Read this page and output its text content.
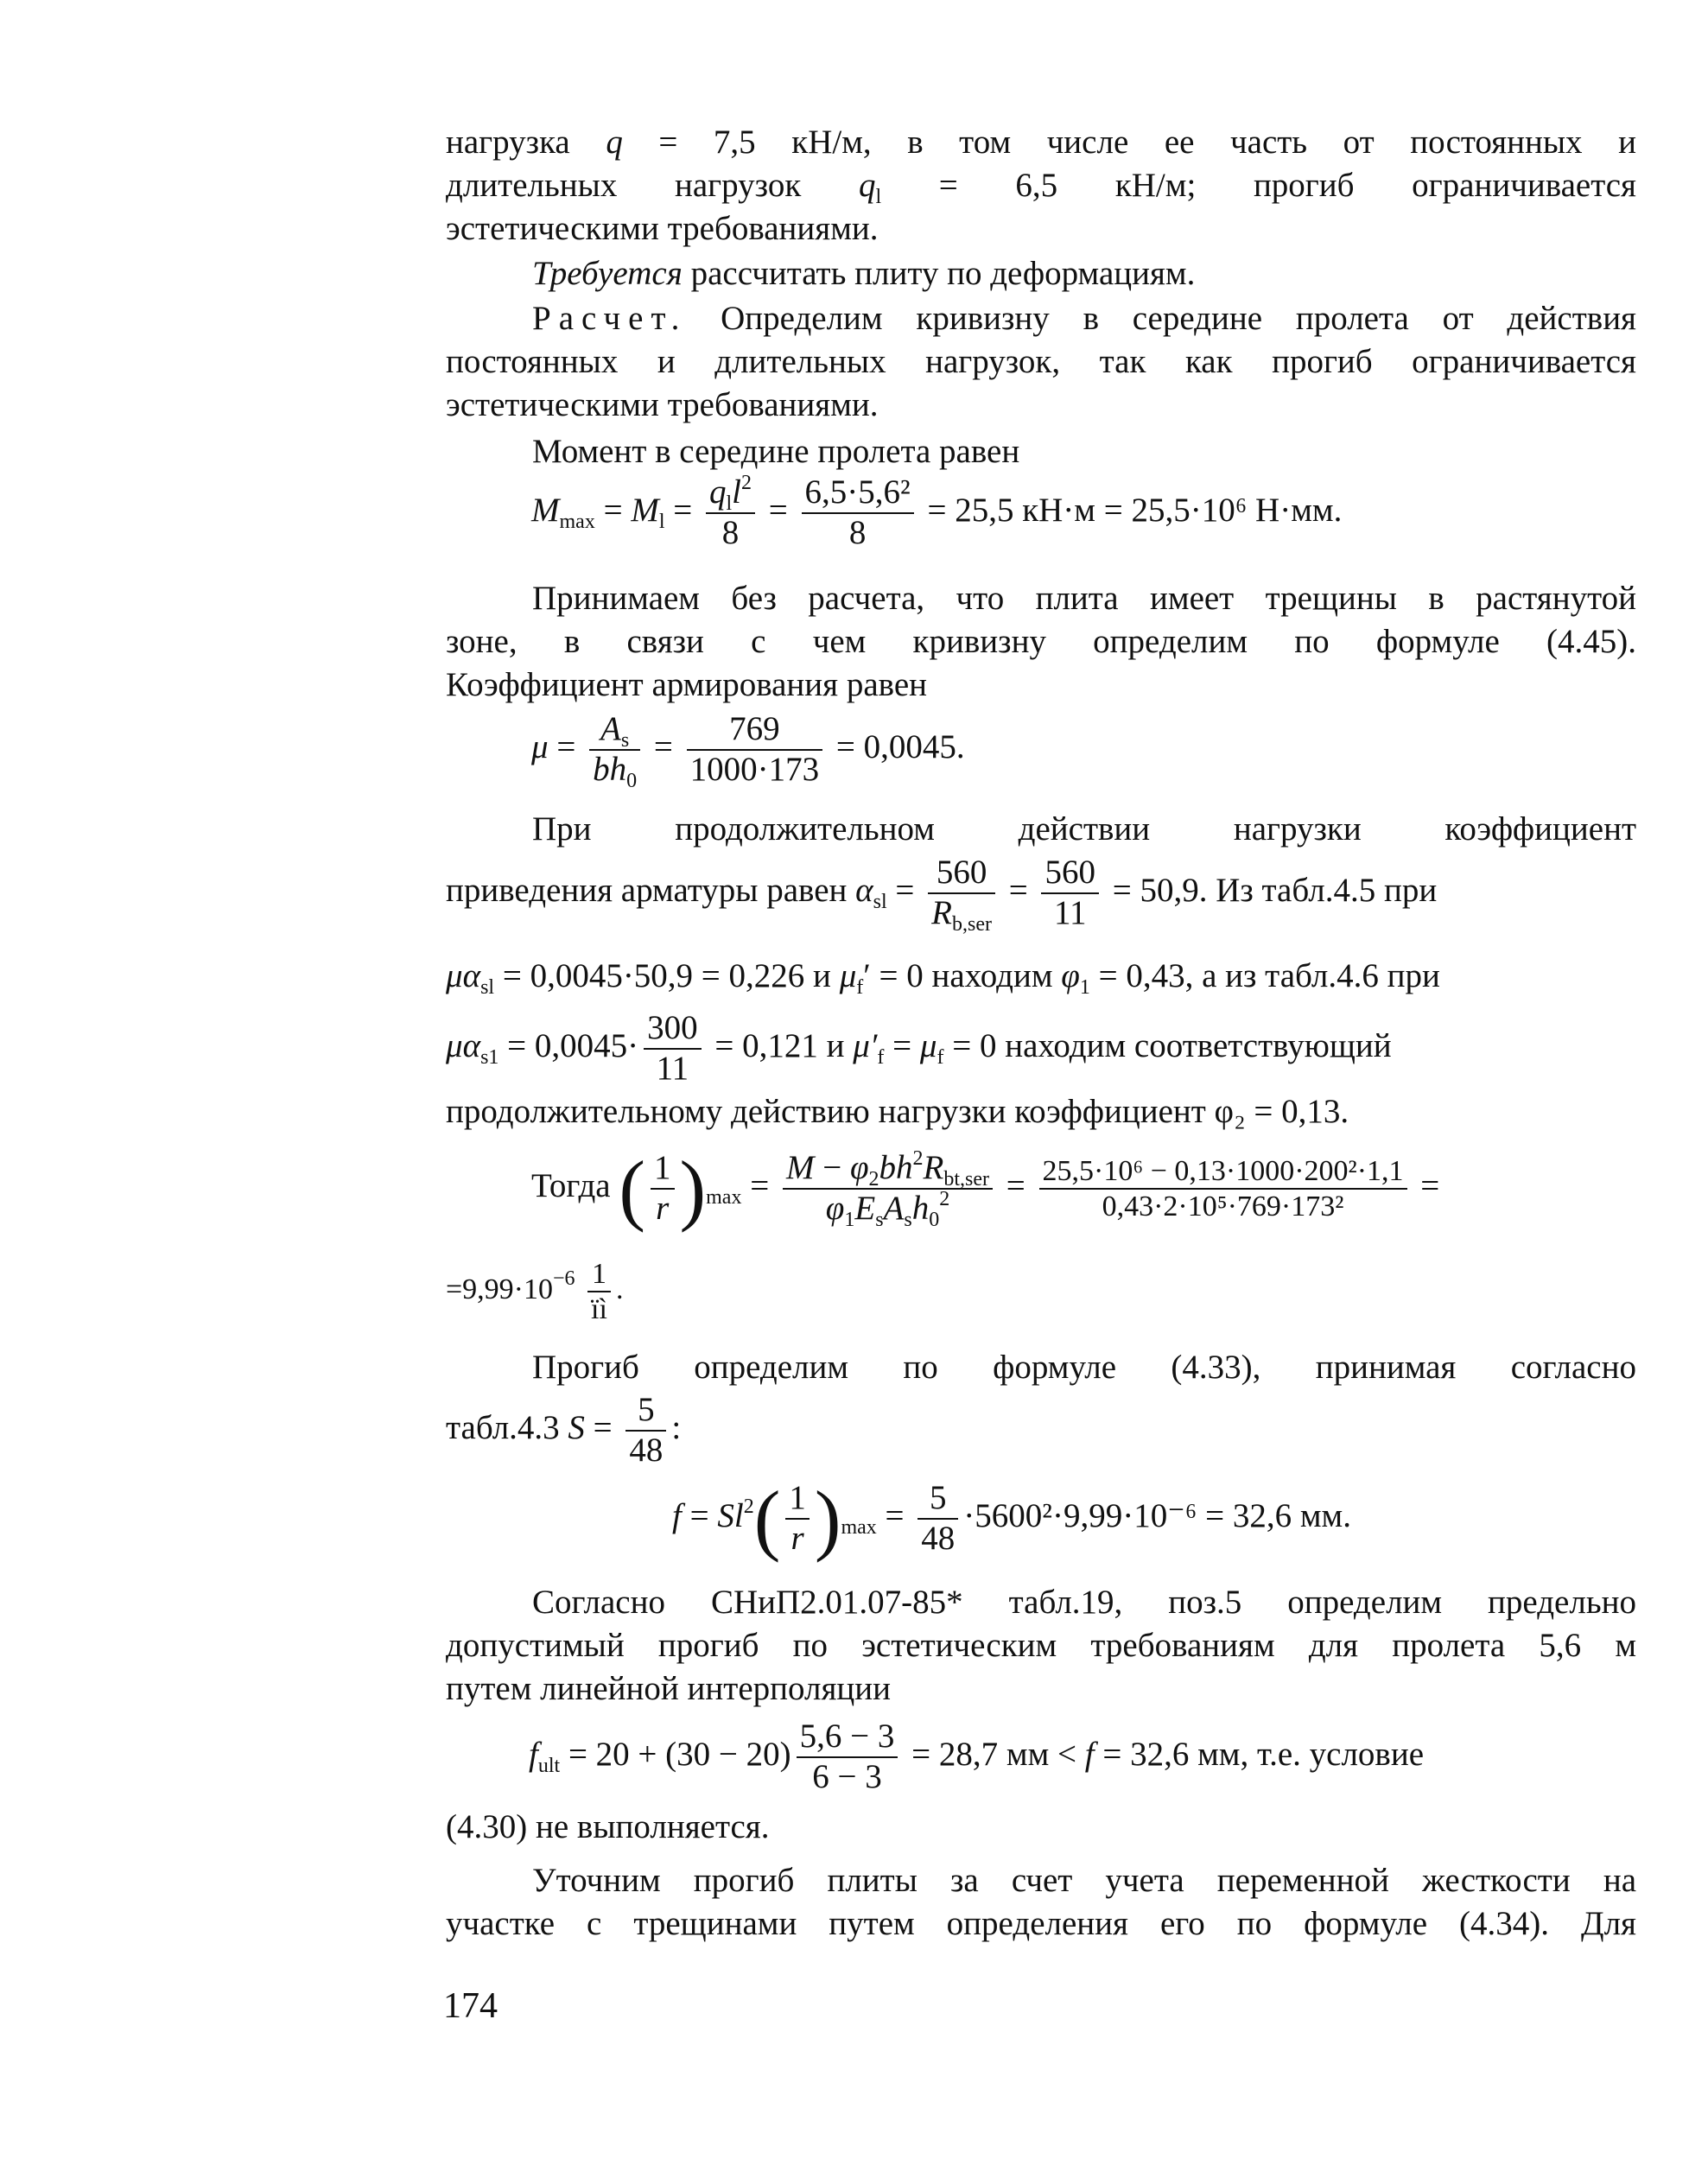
нагрузка q = 7,5 кН/м, в том числе ее часть от постоянных и
длительных нагрузок $q_l = 6,5$ кН/м; прогиб ограничивается
эстетическими требованиями.
Требуется рассчитать плиту по деформациям.
Расчет. Определим кривизну в середине пролета от действия
постоянных и длительных нагрузок, так как прогиб ограничивается
эстетическими требованиями.
Момент в середине пролета равен
$M_{max} = M_l = \frac{q_ll^2}{8} = \frac{\text{6,5·5,6²}}{8} = 25,5$ кН·м = 25,5·10⁶ Н·мм.
Принимаем без расчета, что плита имеет трещины в растянутой
зоне, в связи с чем кривизну определим по формуле (4.45).
Коэффициент армирования равен
$\mu = \frac{A_s}{bh_0} = \frac{769}{1000\cdot 173} = 0,0045$.
При продолжительном действии нагрузки коэффициент
приведения арматуры равен $\alpha_{sl} = \frac{560}{R_{b,ser}} = \frac{560}{11} = 50,9$. Из табл.4.5 при
$\mu\alpha_{sl} = 0,0045\cdot 50,9 = 0,226$ и $\mu_f' = 0$ находим $\varphi_1 = 0,43$, а из табл.4.6 при
$\mu\alpha_{s1} = 0,0045\cdot \frac{300}{11} = 0,121$ и $\mu'_f = \mu_f = 0$ находим соответствующий
продолжительному действию нагрузки коэффициент φ₂ = 0,13.
Тогда ( $\frac{1}{r} )_{max} = \frac{M - \varphi_2bh^2R_{bt,ser}}{\varphi_1E_sA_sh_0^2} = \frac{\text{25,5·10⁶ − 0,13·1000·200²·1,1}}{\text{0,43·2·10⁵·769·173²}}$ =
$=9,99\cdot 10^{-6} \frac{1}{ïì}$ .
Прогиб определим по формуле (4.33), принимая согласно
табл.4.3 $S = \frac{5}{48}$ :
$f = Sl^2( \frac{1}{r} )_{max} = \frac{5}{48} \cdot 5600^2\cdot 9,99\cdot 10^{-6} = 32,6$ мм.
Согласно СНиП2.01.07-85* табл.19, поз.5 определим предельно
допустимый прогиб по эстетическим требованиям для пролета 5,6 м
путем линейной интерполяции
$f_{ult} = 20 + (30 - 20) \frac{5,6 - 3}{6 - 3} = 28,7$ мм < f = 32,6 мм, т.е. условие
(4.30) не выполняется.
Уточним прогиб плиты за счет учета переменной жесткости на
участке с трещинами путем определения его по формуле (4.34). Для
174
